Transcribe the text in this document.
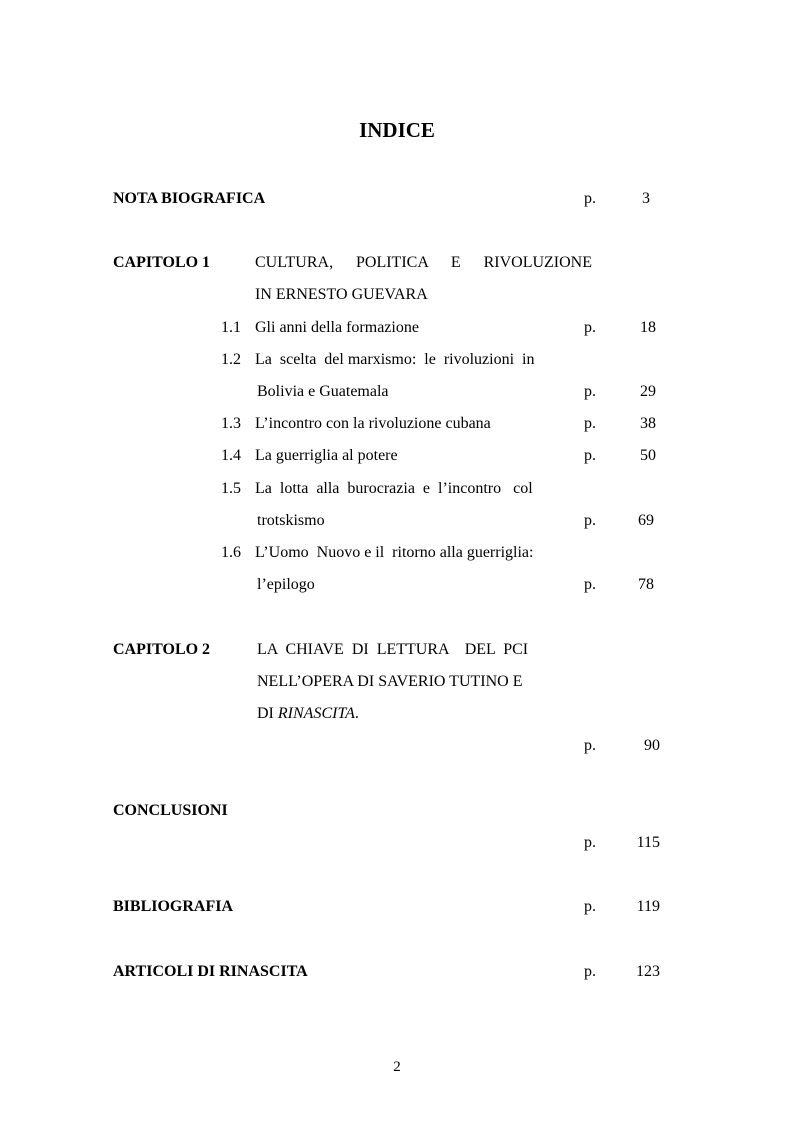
INDICE
NOTA BIOGRAFICA	p.	3
CAPITOLO 1	CULTURA, POLITICA E RIVOLUZIONE
IN ERNESTO GUEVARA
1.1 Gli anni della formazione	p.	18
1.2 La  scelta  del marxismo:  le  rivoluzioni  in
Bolivia e Guatemala	p.	29
1.3 L’incontro con la rivoluzione cubana	p.	38
1.4 La guerriglia al potere	p.	50
1.5 La  lotta  alla  burocrazia  e  l’incontro   col
trotskismo	p.	69
1.6 L’Uomo  Nuovo e il  ritorno alla guerriglia:
l’epilogo	p.	78
CAPITOLO 2	LA  CHIAVE  DI  LETTURA    DEL  PCI
NELL’OPERA DI SAVERIO TUTINO E
DI RINASCITA.
p.	90
CONCLUSIONI
p.	115
BIBLIOGRAFIA	p.	119
ARTICOLI DI RINASCITA	p.	123
2
